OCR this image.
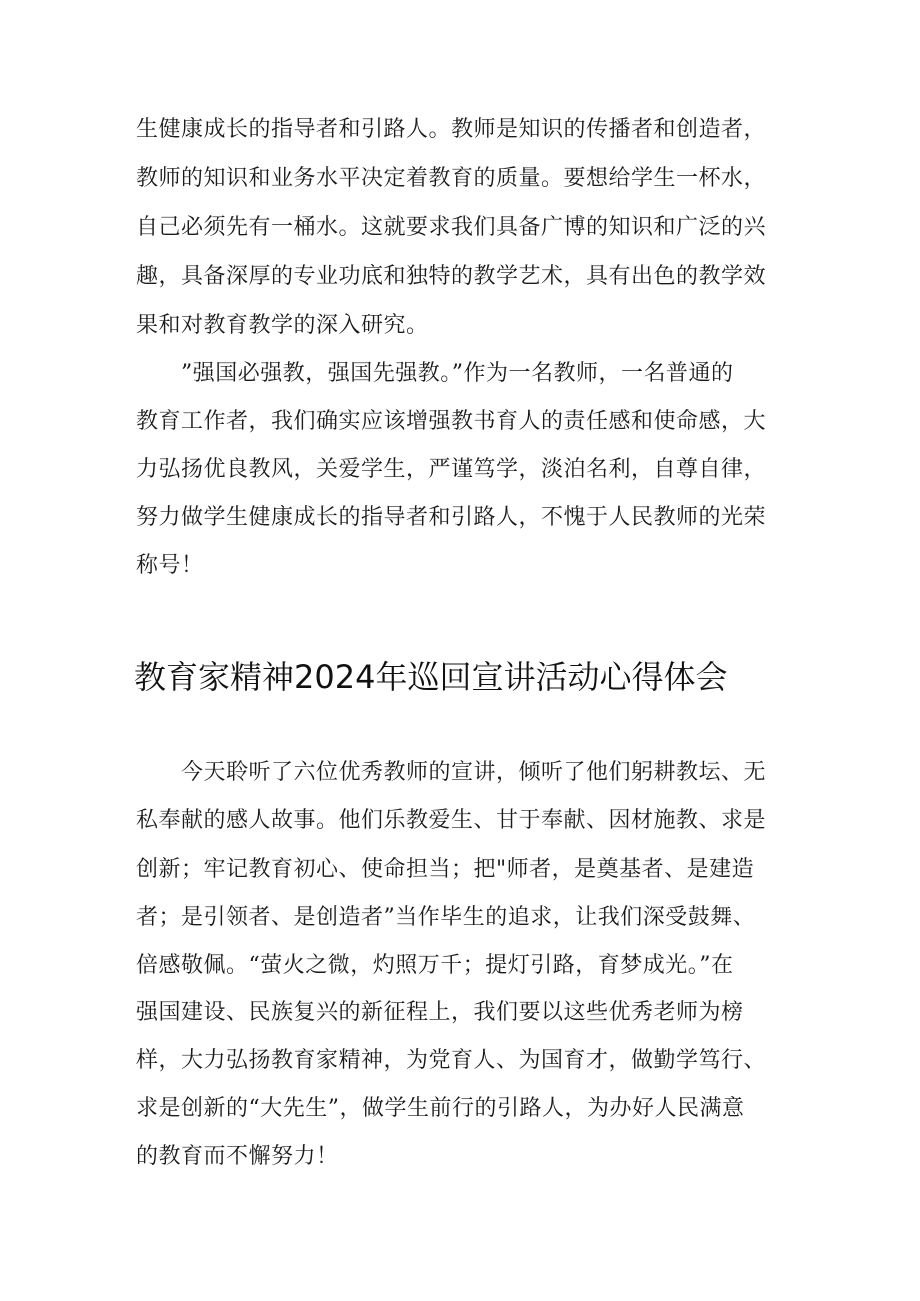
生健康成长的指导者和引路人。教师是知识的传播者和创造者，
教师的知识和业务水平决定着教育的质量。要想给学生一杯水，
自己必须先有一桶水。这就要求我们具备广博的知识和广泛的兴
趣，具备深厚的专业功底和独特的教学艺术，具有出色的教学效
果和对教育教学的深入研究。
　　”强国必强教，强国先强教。”作为一名教师，一名普通的
教育工作者，我们确实应该增强教书育人的责任感和使命感，大
力弘扬优良教风，关爱学生，严谨笃学，淡泊名利，自尊自律，
努力做学生健康成长的指导者和引路人，不愧于人民教师的光荣
称号！
教育家精神2024年巡回宣讲活动心得体会
　　今天聆听了六位优秀教师的宣讲，倾听了他们躬耕教坛、无
私奉献的感人故事。他们乐教爱生、甘于奉献、因材施教、求是
创新；牢记教育初心、使命担当；把"师者，是奠基者、是建造
者；是引领者、是创造者”当作毕生的追求，让我们深受鼓舞、
倍感敬佩。“萤火之微，灼照万千；提灯引路，育梦成光。”在
强国建设、民族复兴的新征程上，我们要以这些优秀老师为榜
样，大力弘扬教育家精神，为党育人、为国育才，做勤学笃行、
求是创新的“大先生”，做学生前行的引路人，为办好人民满意
的教育而不懈努力！
